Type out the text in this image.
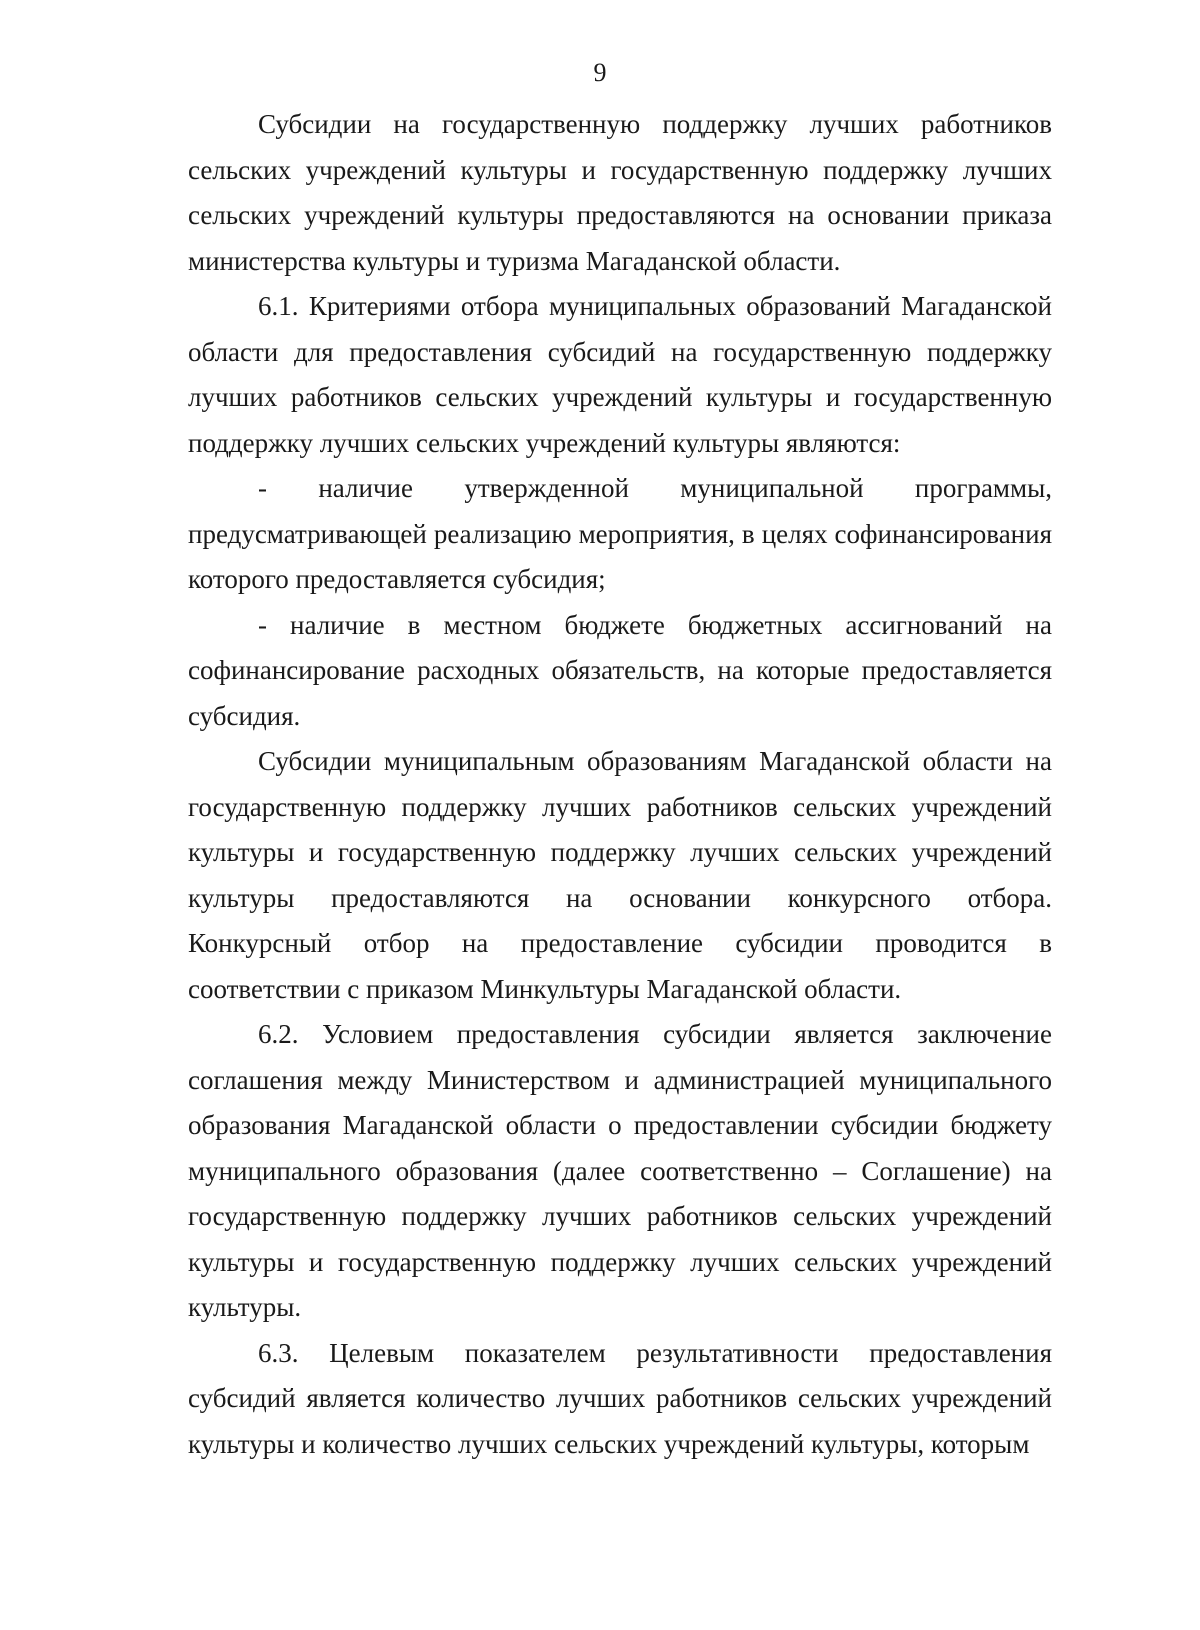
9

Субсидии на государственную поддержку лучших работников сельских учреждений культуры и государственную поддержку лучших сельских учреждений культуры предоставляются на основании приказа министерства культуры и туризма Магаданской области.

6.1. Критериями отбора муниципальных образований Магаданской области для предоставления субсидий на государственную поддержку лучших работников сельских учреждений культуры и государственную поддержку лучших сельских учреждений культуры являются:

- наличие утвержденной муниципальной программы, предусматривающей реализацию мероприятия, в целях софинансирования которого предоставляется субсидия;

- наличие в местном бюджете бюджетных ассигнований на софинансирование расходных обязательств, на которые предоставляется субсидия.

Субсидии муниципальным образованиям Магаданской области на государственную поддержку лучших работников сельских учреждений культуры и государственную поддержку лучших сельских учреждений культуры предоставляются на основании конкурсного отбора. Конкурсный отбор на предоставление субсидии проводится в соответствии с приказом Минкультуры Магаданской области.

6.2. Условием предоставления субсидии является заключение соглашения между Министерством и администрацией муниципального образования Магаданской области о предоставлении субсидии бюджету муниципального образования (далее соответственно – Соглашение) на государственную поддержку лучших работников сельских учреждений культуры и государственную поддержку лучших сельских учреждений культуры.

6.3. Целевым показателем результативности предоставления субсидий является количество лучших работников сельских учреждений культуры и количество лучших сельских учреждений культуры, которым
